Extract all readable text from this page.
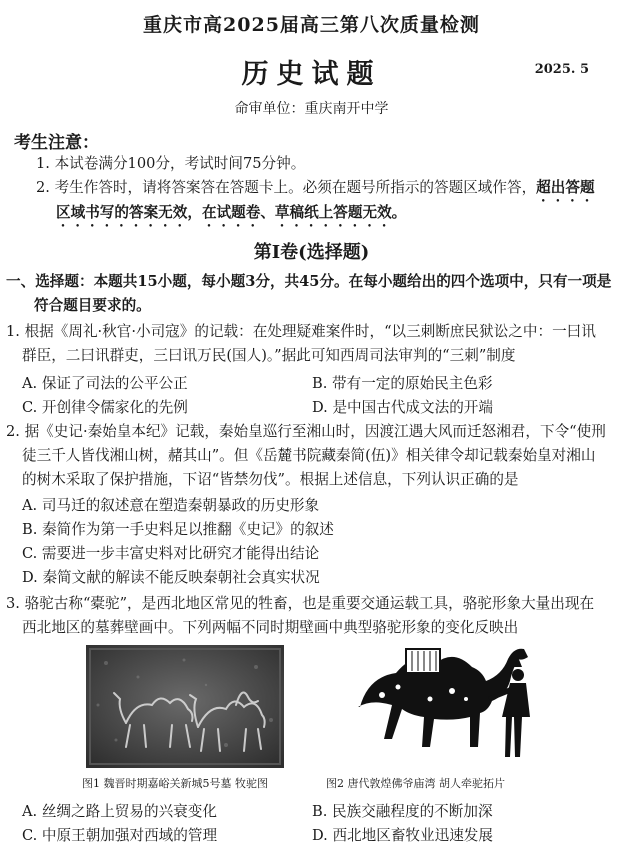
重庆市高2025届高三第八次质量检测
历史试题	2025. 5
命审单位：重庆南开中学
考生注意：
1. 本试卷满分100分，考试时间75分钟。
2. 考生作答时，请将答案答在答题卡上。必须在题号所指示的答题区域作答，超出答题
区域书写的答案无效，在试题卷、草稿纸上答题无效。
第Ⅰ卷(选择题)
一、选择题：本题共15小题，每小题3分，共45分。在每小题给出的四个选项中，只有一项是
符合题目要求的。
1. 根据《周礼·秋官·小司寇》的记载：在处理疑难案件时，“以三刺断庶民狱讼之中：一曰讯
群臣，二曰讯群吏，三曰讯万民(国人)。”据此可知西周司法审判的“三刺”制度
A. 保证了司法的公平公正	B. 带有一定的原始民主色彩
C. 开创律令儒家化的先例	D. 是中国古代成文法的开端
2. 据《史记·秦始皇本纪》记载，秦始皇巡行至湘山时，因渡江遇大风而迁怒湘君，下令“使刑
徒三千人皆伐湘山树，赭其山”。但《岳麓书院藏秦简(伍)》相关律令却记载秦始皇对湘山
的树木采取了保护措施，下诏“皆禁勿伐”。根据上述信息，下列认识正确的是
A. 司马迁的叙述意在塑造秦朝暴政的历史形象
B. 秦简作为第一手史料足以推翻《史记》的叙述
C. 需要进一步丰富史料对比研究才能得出结论
D. 秦简文献的解读不能反映秦朝社会真实状况
3. 骆驼古称“橐驼”，是西北地区常见的牲畜，也是重要交通运载工具，骆驼形象大量出现在
西北地区的墓葬壁画中。下列两幅不同时期壁画中典型骆驼形象的变化反映出
图1 魏晋时期嘉峪关新城5号墓 牧驼图	图2 唐代敦煌佛爷庙湾 胡人牵驼拓片
A. 丝绸之路上贸易的兴衰变化	B. 民族交融程度的不断加深
C. 中原王朝加强对西域的管理	D. 西北地区畜牧业迅速发展
